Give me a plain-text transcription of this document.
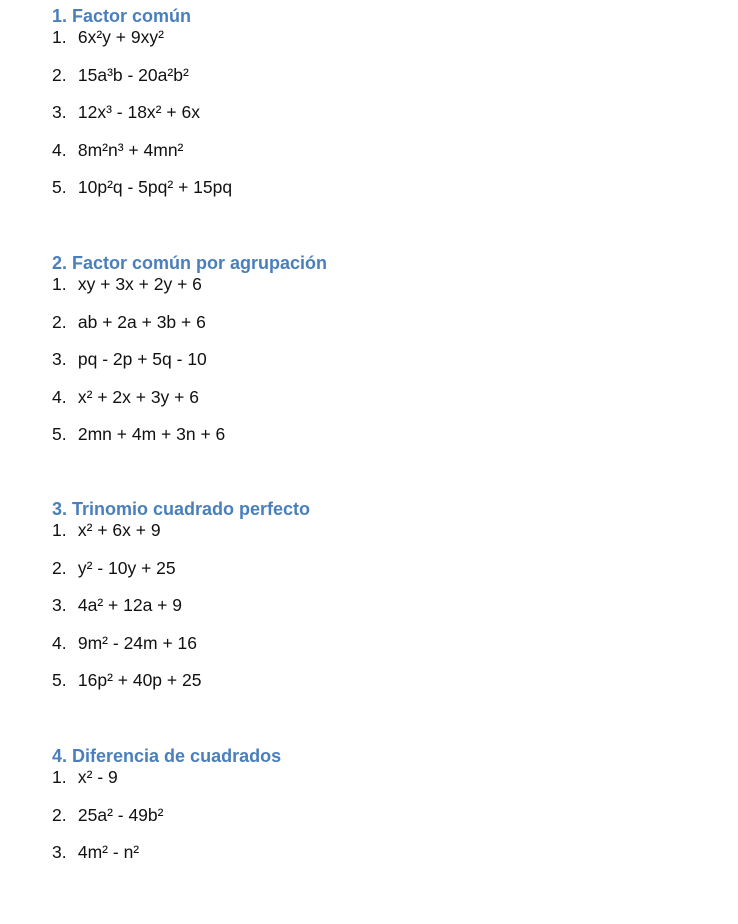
1. Factor común
1. 6x²y + 9xy²
2. 15a³b - 20a²b²
3. 12x³ - 18x² + 6x
4. 8m²n³ + 4mn²
5. 10p²q - 5pq² + 15pq
2. Factor común por agrupación
1. xy + 3x + 2y + 6
2. ab + 2a + 3b + 6
3. pq - 2p + 5q - 10
4. x² + 2x + 3y + 6
5. 2mn + 4m + 3n + 6
3. Trinomio cuadrado perfecto
1. x² + 6x + 9
2. y² - 10y + 25
3. 4a² + 12a + 9
4. 9m² - 24m + 16
5. 16p² + 40p + 25
4. Diferencia de cuadrados
1. x² - 9
2. 25a² - 49b²
3. 4m² - n²
